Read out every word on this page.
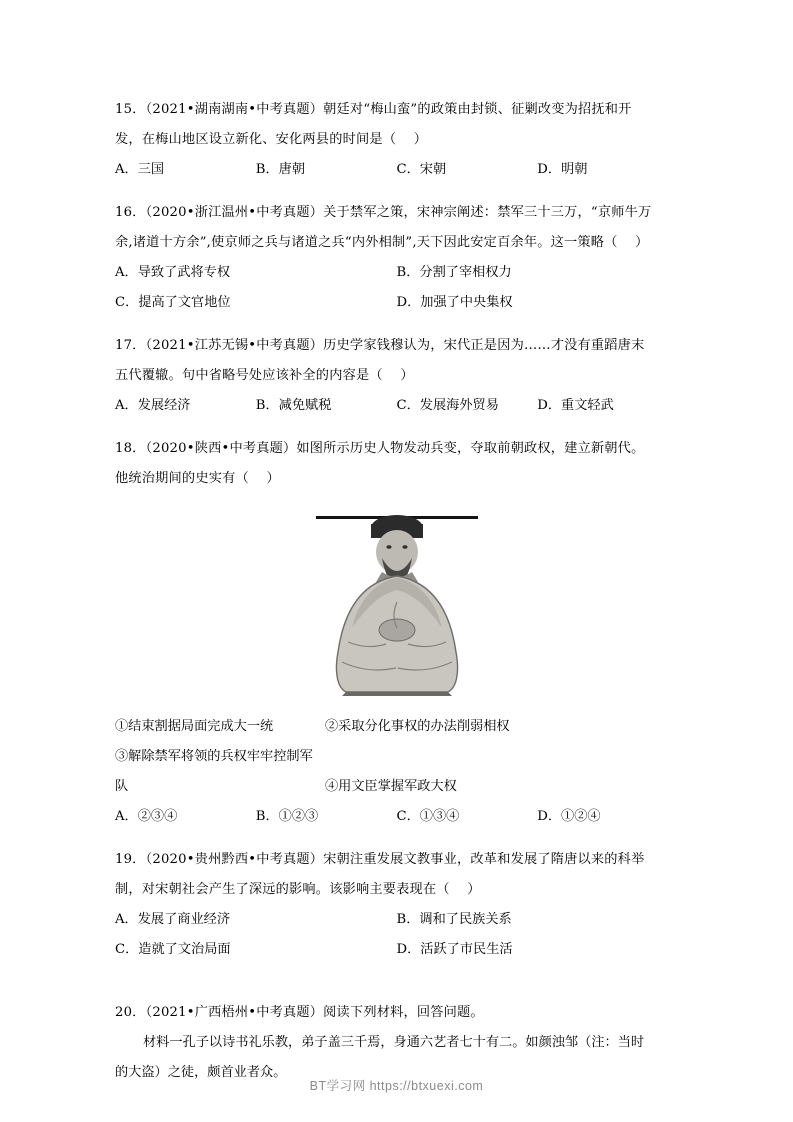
15．（2021•湖南湖南•中考真题）朝廷对“梅山蛮”的政策由封锁、征剿改变为招抚和开
发，在梅山地区设立新化、安化两县的时间是（    ）
A．三国	B．唐朝	C．宋朝	D．明朝
16．（2020•浙江温州•中考真题）关于禁军之策，宋神宗阐述：禁军三十三万，“京师牛万
余,诸道十方余”,使京师之兵与诸道之兵“内外相制”,天下因此安定百余年。这一策略（    ）
A．导致了武将专权	B．分割了宰相权力
C．提高了文官地位	D．加强了中央集权
17．（2021•江苏无锡•中考真题）历史学家钱穆认为，宋代正是因为……才没有重蹈唐末
五代覆辙。句中省略号处应该补全的内容是（    ）
A．发展经济	B．减免赋税	C．发展海外贸易	D．重文轻武
18．（2020•陕西•中考真题）如图所示历史人物发动兵变，夺取前朝政权，建立新朝代。
他统治期间的史实有（    ）
①结束割据局面完成大一统	②采取分化事权的办法削弱相权
③解除禁军将领的兵权牢牢控制军队	④用文臣掌握军政大权
A．②③④	B．①②③	C．①③④	D．①②④
19．（2020•贵州黔西•中考真题）宋朝注重发展文教事业，改革和发展了隋唐以来的科举
制，对宋朝社会产生了深远的影响。该影响主要表现在（    ）
A．发展了商业经济	B．调和了民族关系
C．造就了文治局面	D．活跃了市民生活
20．（2021•广西梧州•中考真题）阅读下列材料，回答问题。
材料一孔子以诗书礼乐教，弟子盖三千焉，身通六艺者七十有二。如颜浊邹（注：当时
的大盗）之徒，颇首业者众。
BT学习网 https://btxuexi.com
